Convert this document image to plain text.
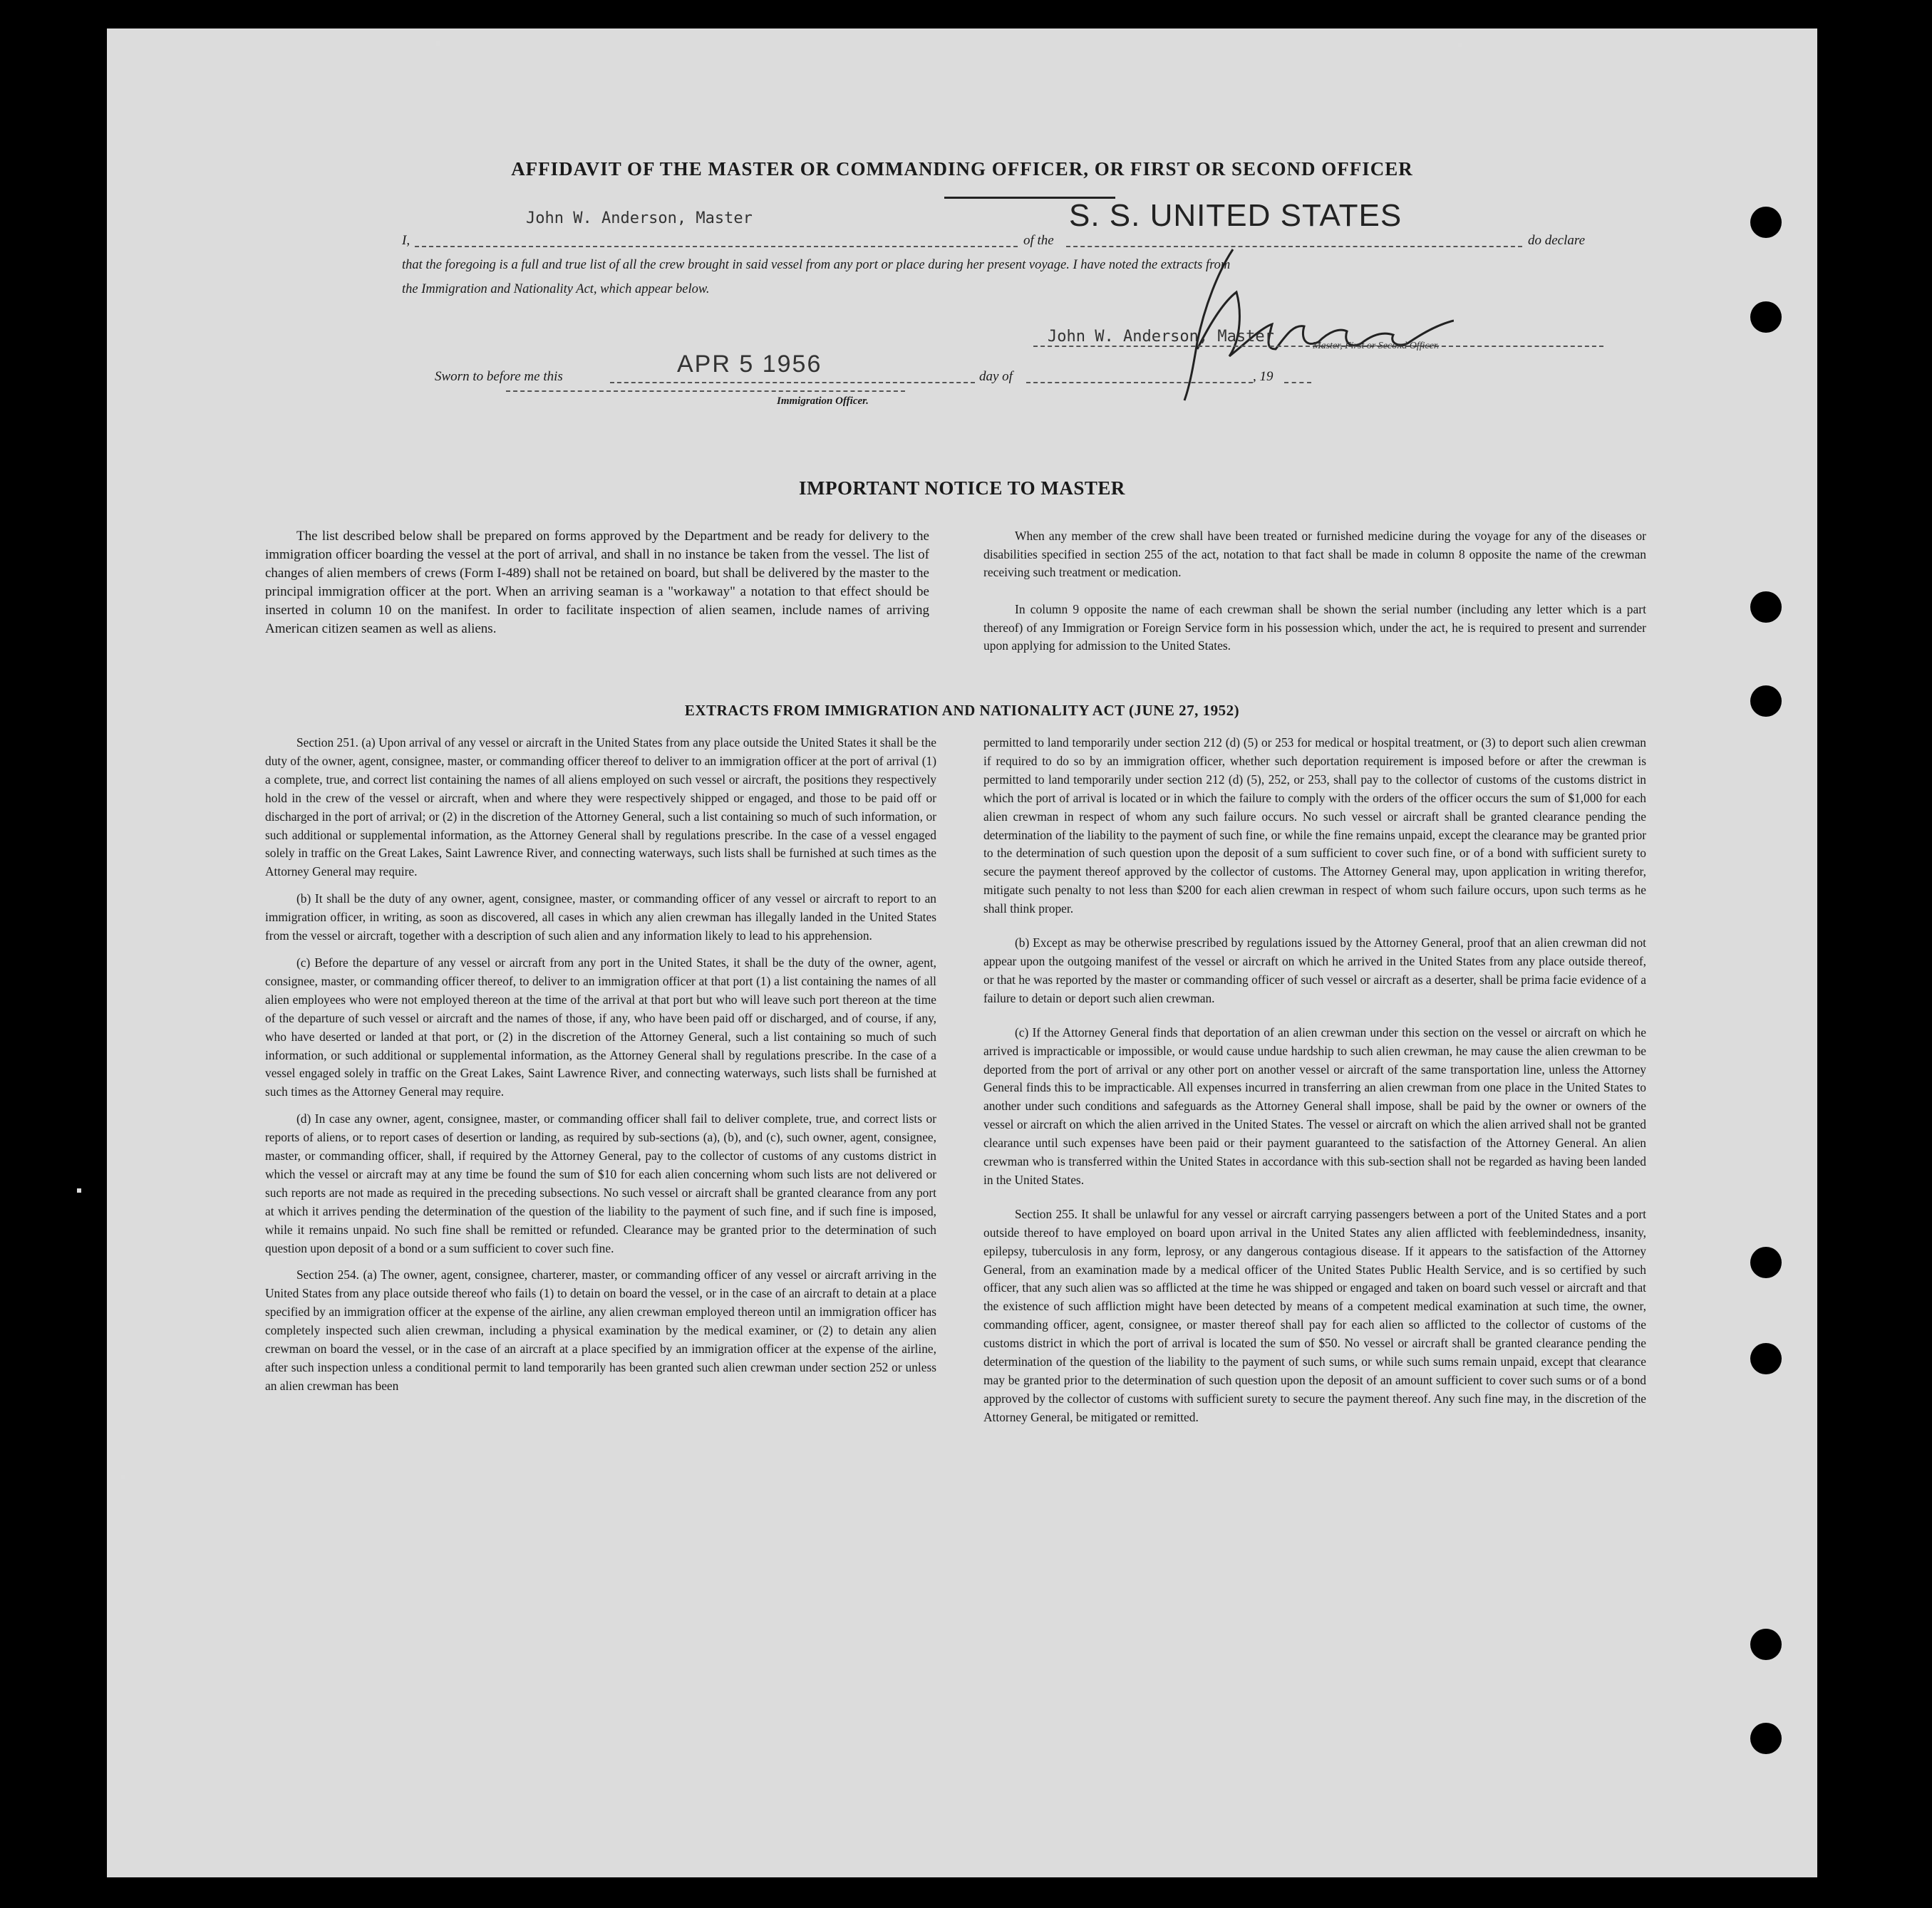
AFFIDAVIT OF THE MASTER OR COMMANDING OFFICER, OR FIRST OR SECOND OFFICER
John W. Anderson, Master	S. S. UNITED STATES
I,	of the	do declare
that the foregoing is a full and true list of all the crew brought in said vessel from any port or place during her present voyage. I have noted the extracts from
the Immigration and Nationality Act, which appear below.
John W. Anderson, Master
Master, First or Second Officer.
APR 5 1956
Sworn to before me this	day of	, 19
Immigration Officer.
IMPORTANT NOTICE TO MASTER

The list described below shall be prepared on forms approved by the Department and be ready for delivery to the immigration officer boarding the vessel at the port of arrival, and shall in no instance be taken from the vessel. The list of changes of alien members of crews (Form I-489) shall not be retained on board, but shall be delivered by the master to the principal immigration officer at the port. When an arriving seaman is a "workaway" a notation to that effect should be inserted in column 10 on the manifest. In order to facilitate inspection of alien seamen, include names of arriving American citizen seamen as well as aliens.

When any member of the crew shall have been treated or furnished medicine during the voyage for any of the diseases or disabilities specified in section 255 of the act, notation to that fact shall be made in column 8 opposite the name of the crewman receiving such treatment or medication.

In column 9 opposite the name of each crewman shall be shown the serial number (including any letter which is a part thereof) of any Immigration or Foreign Service form in his possession which, under the act, he is required to present and surrender upon applying for admission to the United States.

EXTRACTS FROM IMMIGRATION AND NATIONALITY ACT (JUNE 27, 1952)

Section 251. (a) Upon arrival of any vessel or aircraft in the United States from any place outside the United States it shall be the duty of the owner, agent, consignee, master, or commanding officer thereof to deliver to an immigration officer at the port of arrival (1) a complete, true, and correct list containing the names of all aliens employed on such vessel or aircraft, the positions they respectively hold in the crew of the vessel or aircraft, when and where they were respectively shipped or engaged, and those to be paid off or discharged in the port of arrival; or (2) in the discretion of the Attorney General, such a list containing so much of such information, or such additional or supplemental information, as the Attorney General shall by regulations prescribe. In the case of a vessel engaged solely in traffic on the Great Lakes, Saint Lawrence River, and connecting waterways, such lists shall be furnished at such times as the Attorney General may require.

(b) It shall be the duty of any owner, agent, consignee, master, or commanding officer of any vessel or aircraft to report to an immigration officer, in writing, as soon as discovered, all cases in which any alien crewman has illegally landed in the United States from the vessel or aircraft, together with a description of such alien and any information likely to lead to his apprehension.

(c) Before the departure of any vessel or aircraft from any port in the United States, it shall be the duty of the owner, agent, consignee, master, or commanding officer thereof, to deliver to an immigration officer at that port (1) a list containing the names of all alien employees who were not employed thereon at the time of the arrival at that port but who will leave such port thereon at the time of the departure of such vessel or aircraft and the names of those, if any, who have been paid off or discharged, and of course, if any, who have deserted or landed at that port, or (2) in the discretion of the Attorney General, such a list containing so much of such information, or such additional or supplemental information, as the Attorney General shall by regulations prescribe. In the case of a vessel engaged solely in traffic on the Great Lakes, Saint Lawrence River, and connecting waterways, such lists shall be furnished at such times as the Attorney General may require.

(d) In case any owner, agent, consignee, master, or commanding officer shall fail to deliver complete, true, and correct lists or reports of aliens, or to report cases of desertion or landing, as required by sub-sections (a), (b), and (c), such owner, agent, consignee, master, or commanding officer, shall, if required by the Attorney General, pay to the collector of customs of any customs district in which the vessel or aircraft may at any time be found the sum of $10 for each alien concerning whom such lists are not delivered or such reports are not made as required in the preceding subsections. No such vessel or aircraft shall be granted clearance from any port at which it arrives pending the determination of the question of the liability to the payment of such fine, and if such fine is imposed, while it remains unpaid. No such fine shall be remitted or refunded. Clearance may be granted prior to the determination of such question upon deposit of a bond or a sum sufficient to cover such fine.

Section 254. (a) The owner, agent, consignee, charterer, master, or commanding officer of any vessel or aircraft arriving in the United States from any place outside thereof who fails (1) to detain on board the vessel, or in the case of an aircraft to detain at a place specified by an immigration officer at the expense of the airline, any alien crewman employed thereon until an immigration officer has completely inspected such alien crewman, including a physical examination by the medical examiner, or (2) to detain any alien crewman on board the vessel, or in the case of an aircraft at a place specified by an immigration officer at the expense of the airline, after such inspection unless a conditional permit to land temporarily has been granted such alien crewman under section 252 or unless an alien crewman has been

permitted to land temporarily under section 212 (d) (5) or 253 for medical or hospital treatment, or (3) to deport such alien crewman if required to do so by an immigration officer, whether such deportation requirement is imposed before or after the crewman is permitted to land temporarily under section 212 (d) (5), 252, or 253, shall pay to the collector of customs of the customs district in which the port of arrival is located or in which the failure to comply with the orders of the officer occurs the sum of $1,000 for each alien crewman in respect of whom any such failure occurs. No such vessel or aircraft shall be granted clearance pending the determination of the liability to the payment of such fine, or while the fine remains unpaid, except the clearance may be granted prior to the determination of such question upon the deposit of a sum sufficient to cover such fine, or of a bond with sufficient surety to secure the payment thereof approved by the collector of customs. The Attorney General may, upon application in writing therefor, mitigate such penalty to not less than $200 for each alien crewman in respect of whom such failure occurs, upon such terms as he shall think proper.

(b) Except as may be otherwise prescribed by regulations issued by the Attorney General, proof that an alien crewman did not appear upon the outgoing manifest of the vessel or aircraft on which he arrived in the United States from any place outside thereof, or that he was reported by the master or commanding officer of such vessel or aircraft as a deserter, shall be prima facie evidence of a failure to detain or deport such alien crewman.

(c) If the Attorney General finds that deportation of an alien crewman under this section on the vessel or aircraft on which he arrived is impracticable or impossible, or would cause undue hardship to such alien crewman, he may cause the alien crewman to be deported from the port of arrival or any other port on another vessel or aircraft of the same transportation line, unless the Attorney General finds this to be impracticable. All expenses incurred in transferring an alien crewman from one place in the United States to another under such conditions and safeguards as the Attorney General shall impose, shall be paid by the owner or owners of the vessel or aircraft on which the alien arrived in the United States. The vessel or aircraft on which the alien arrived shall not be granted clearance until such expenses have been paid or their payment guaranteed to the satisfaction of the Attorney General. An alien crewman who is transferred within the United States in accordance with this sub-section shall not be regarded as having been landed in the United States.

Section 255. It shall be unlawful for any vessel or aircraft carrying passengers between a port of the United States and a port outside thereof to have employed on board upon arrival in the United States any alien afflicted with feeblemindedness, insanity, epilepsy, tuberculosis in any form, leprosy, or any dangerous contagious disease. If it appears to the satisfaction of the Attorney General, from an examination made by a medical officer of the United States Public Health Service, and is so certified by such officer, that any such alien was so afflicted at the time he was shipped or engaged and taken on board such vessel or aircraft and that the existence of such affliction might have been detected by means of a competent medical examination at such time, the owner, commanding officer, agent, consignee, or master thereof shall pay for each alien so afflicted to the collector of customs of the customs district in which the port of arrival is located the sum of $50. No vessel or aircraft shall be granted clearance pending the determination of the question of the liability to the payment of such sums, or while such sums remain unpaid, except that clearance may be granted prior to the determination of such question upon the deposit of an amount sufficient to cover such sums or of a bond approved by the collector of customs with sufficient surety to secure the payment thereof. Any such fine may, in the discretion of the Attorney General, be mitigated or remitted.
